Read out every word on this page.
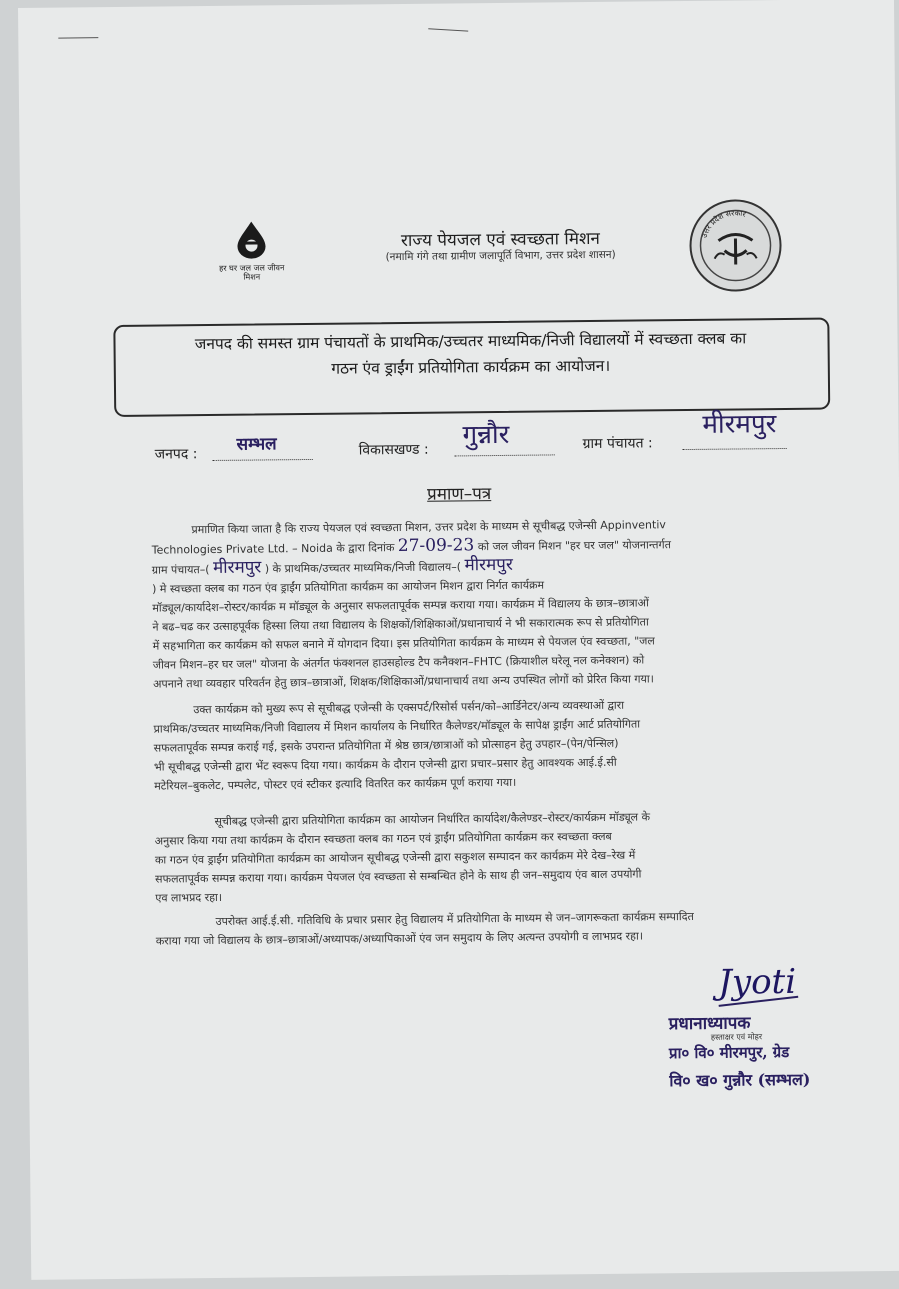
हर घर जल जल जीवन मिशन
राज्य पेयजल एवं स्वच्छता मिशन
(नमामि गंगे तथा ग्रामीण जलापूर्ति विभाग, उत्तर प्रदेश शासन)
उत्तर प्रदेश सरकार
जनपद की समस्त ग्राम पंचायतों के प्राथमिक/उच्चतर माध्यमिक/निजी विद्यालयों में स्वच्छता क्लब का
गठन एंव ड्राईंग प्रतियोगिता कार्यक्रम का आयोजन।
जनपद : सम्भल	विकासखण्ड : गुन्नौर	ग्राम पंचायत :
मीरमपुर
प्रमाण–पत्र
प्रमाणित किया जाता है कि राज्य पेयजल एवं स्वच्छता मिशन, उत्तर प्रदेश के माध्यम से सूचीबद्ध एजेन्सी Appinventiv
Technologies Private Ltd. – Noida के द्वारा दिनांक 27-09-23 को जल जीवन मिशन "हर घर जल" योजनान्तर्गत
ग्राम पंचायत–( मीरमपुर ) के प्राथमिक/उच्चतर माध्यमिक/निजी विद्यालय–( मीरमपुर
) मे स्वच्छता क्लब का गठन एंव ड्राईंग प्रतियोगिता कार्यक्रम का आयोजन मिशन द्वारा निर्गत कार्यक्रम
मॉड्यूल/कार्यादेश–रोस्टर/कार्यक्र म मॉड्यूल के अनुसार सफलतापूर्वक सम्पन्न कराया गया। कार्यक्रम में विद्यालय के छात्र–छात्राओं
ने बढ–चढ कर उत्साहपूर्वक हिस्सा लिया तथा विद्यालय के शिक्षकों/शिक्षिकाओं/प्रधानाचार्य ने भी सकारात्मक रूप से प्रतियोगिता
में सहभागिता कर कार्यक्रम को सफल बनाने में योगदान दिया। इस प्रतियोगिता कार्यक्रम के माध्यम से पेयजल एंव स्वच्छता, "जल
जीवन मिशन–हर घर जल" योजना के अंतर्गत फंक्शनल हाउसहोल्ड टैप कनैक्शन–FHTC (क्रियाशील घरेलू नल कनेक्शन) को
अपनाने तथा व्यवहार परिवर्तन हेतु छात्र–छात्राओं, शिक्षक/शिक्षिकाओं/प्रधानाचार्य तथा अन्य उपस्थित लोगों को प्रेरित किया गया।
उक्त कार्यक्रम को मुख्य रूप से सूचीबद्ध एजेन्सी के एक्सपर्ट/रिसोर्स पर्सन/को–आर्डिनेटर/अन्य व्यवस्थाओं द्वारा
प्राथमिक/उच्चतर माध्यमिक/निजी विद्यालय में मिशन कार्यालय के निर्धारित कैलेण्डर/मॉड्यूल के सापेक्ष ड्राईंग आर्ट प्रतियोगिता
सफलतापूर्वक सम्पन्न कराई गई, इसके उपरान्त प्रतियोगिता में श्रेष्ठ छात्र/छात्राओं को प्रोत्साहन हेतु उपहार–(पेन/पेन्सिल)
भी सूचीबद्ध एजेन्सी द्वारा भेंट स्वरूप दिया गया। कार्यक्रम के दौरान एजेन्सी द्वारा प्रचार–प्रसार हेतु आवश्यक आई.ई.सी
मटेरियल–बुकलेट, पम्पलेट, पोस्टर एवं स्टीकर इत्यादि वितरित कर कार्यक्रम पूर्ण कराया गया।
सूचीबद्ध एजेन्सी द्वारा प्रतियोगिता कार्यक्रम का आयोजन निर्धारित कार्यादेश/कैलेण्डर–रोस्टर/कार्यक्रम मॉड्यूल के
अनुसार किया गया तथा कार्यक्रम के दौरान स्वच्छता क्लब का गठन एवं ड्राईंग प्रतियोगिता कार्यक्रम कर स्वच्छता क्लब
का गठन एंव ड्राईंग प्रतियोगिता कार्यक्रम का आयोजन सूचीबद्ध एजेन्सी द्वारा सकुशल सम्पादन कर कार्यक्रम मेरे देख–रेख में
सफलतापूर्वक सम्पन्न कराया गया। कार्यक्रम पेयजल एंव स्वच्छता से सम्बन्धित होने के साथ ही जन–समुदाय एंव बाल उपयोगी
एव लाभप्रद रहा।
उपरोक्त आई.ई.सी. गतिविधि के प्रचार प्रसार हेतु विद्यालय में प्रतियोगिता के माध्यम से जन–जागरूकता कार्यक्रम सम्पादित
कराया गया जो विद्यालय के छात्र–छात्राओं/अध्यापक/अध्यापिकाओं एंव जन समुदाय के लिए अत्यन्त उपयोगी व लाभप्रद रहा।
Jyoti
प्रधानाध्यापक
हस्ताक्षर एवं मोहर
प्रा० वि० मीरमपुर, ग्रेड
वि० ख० गुन्नौर (सम्भल)
